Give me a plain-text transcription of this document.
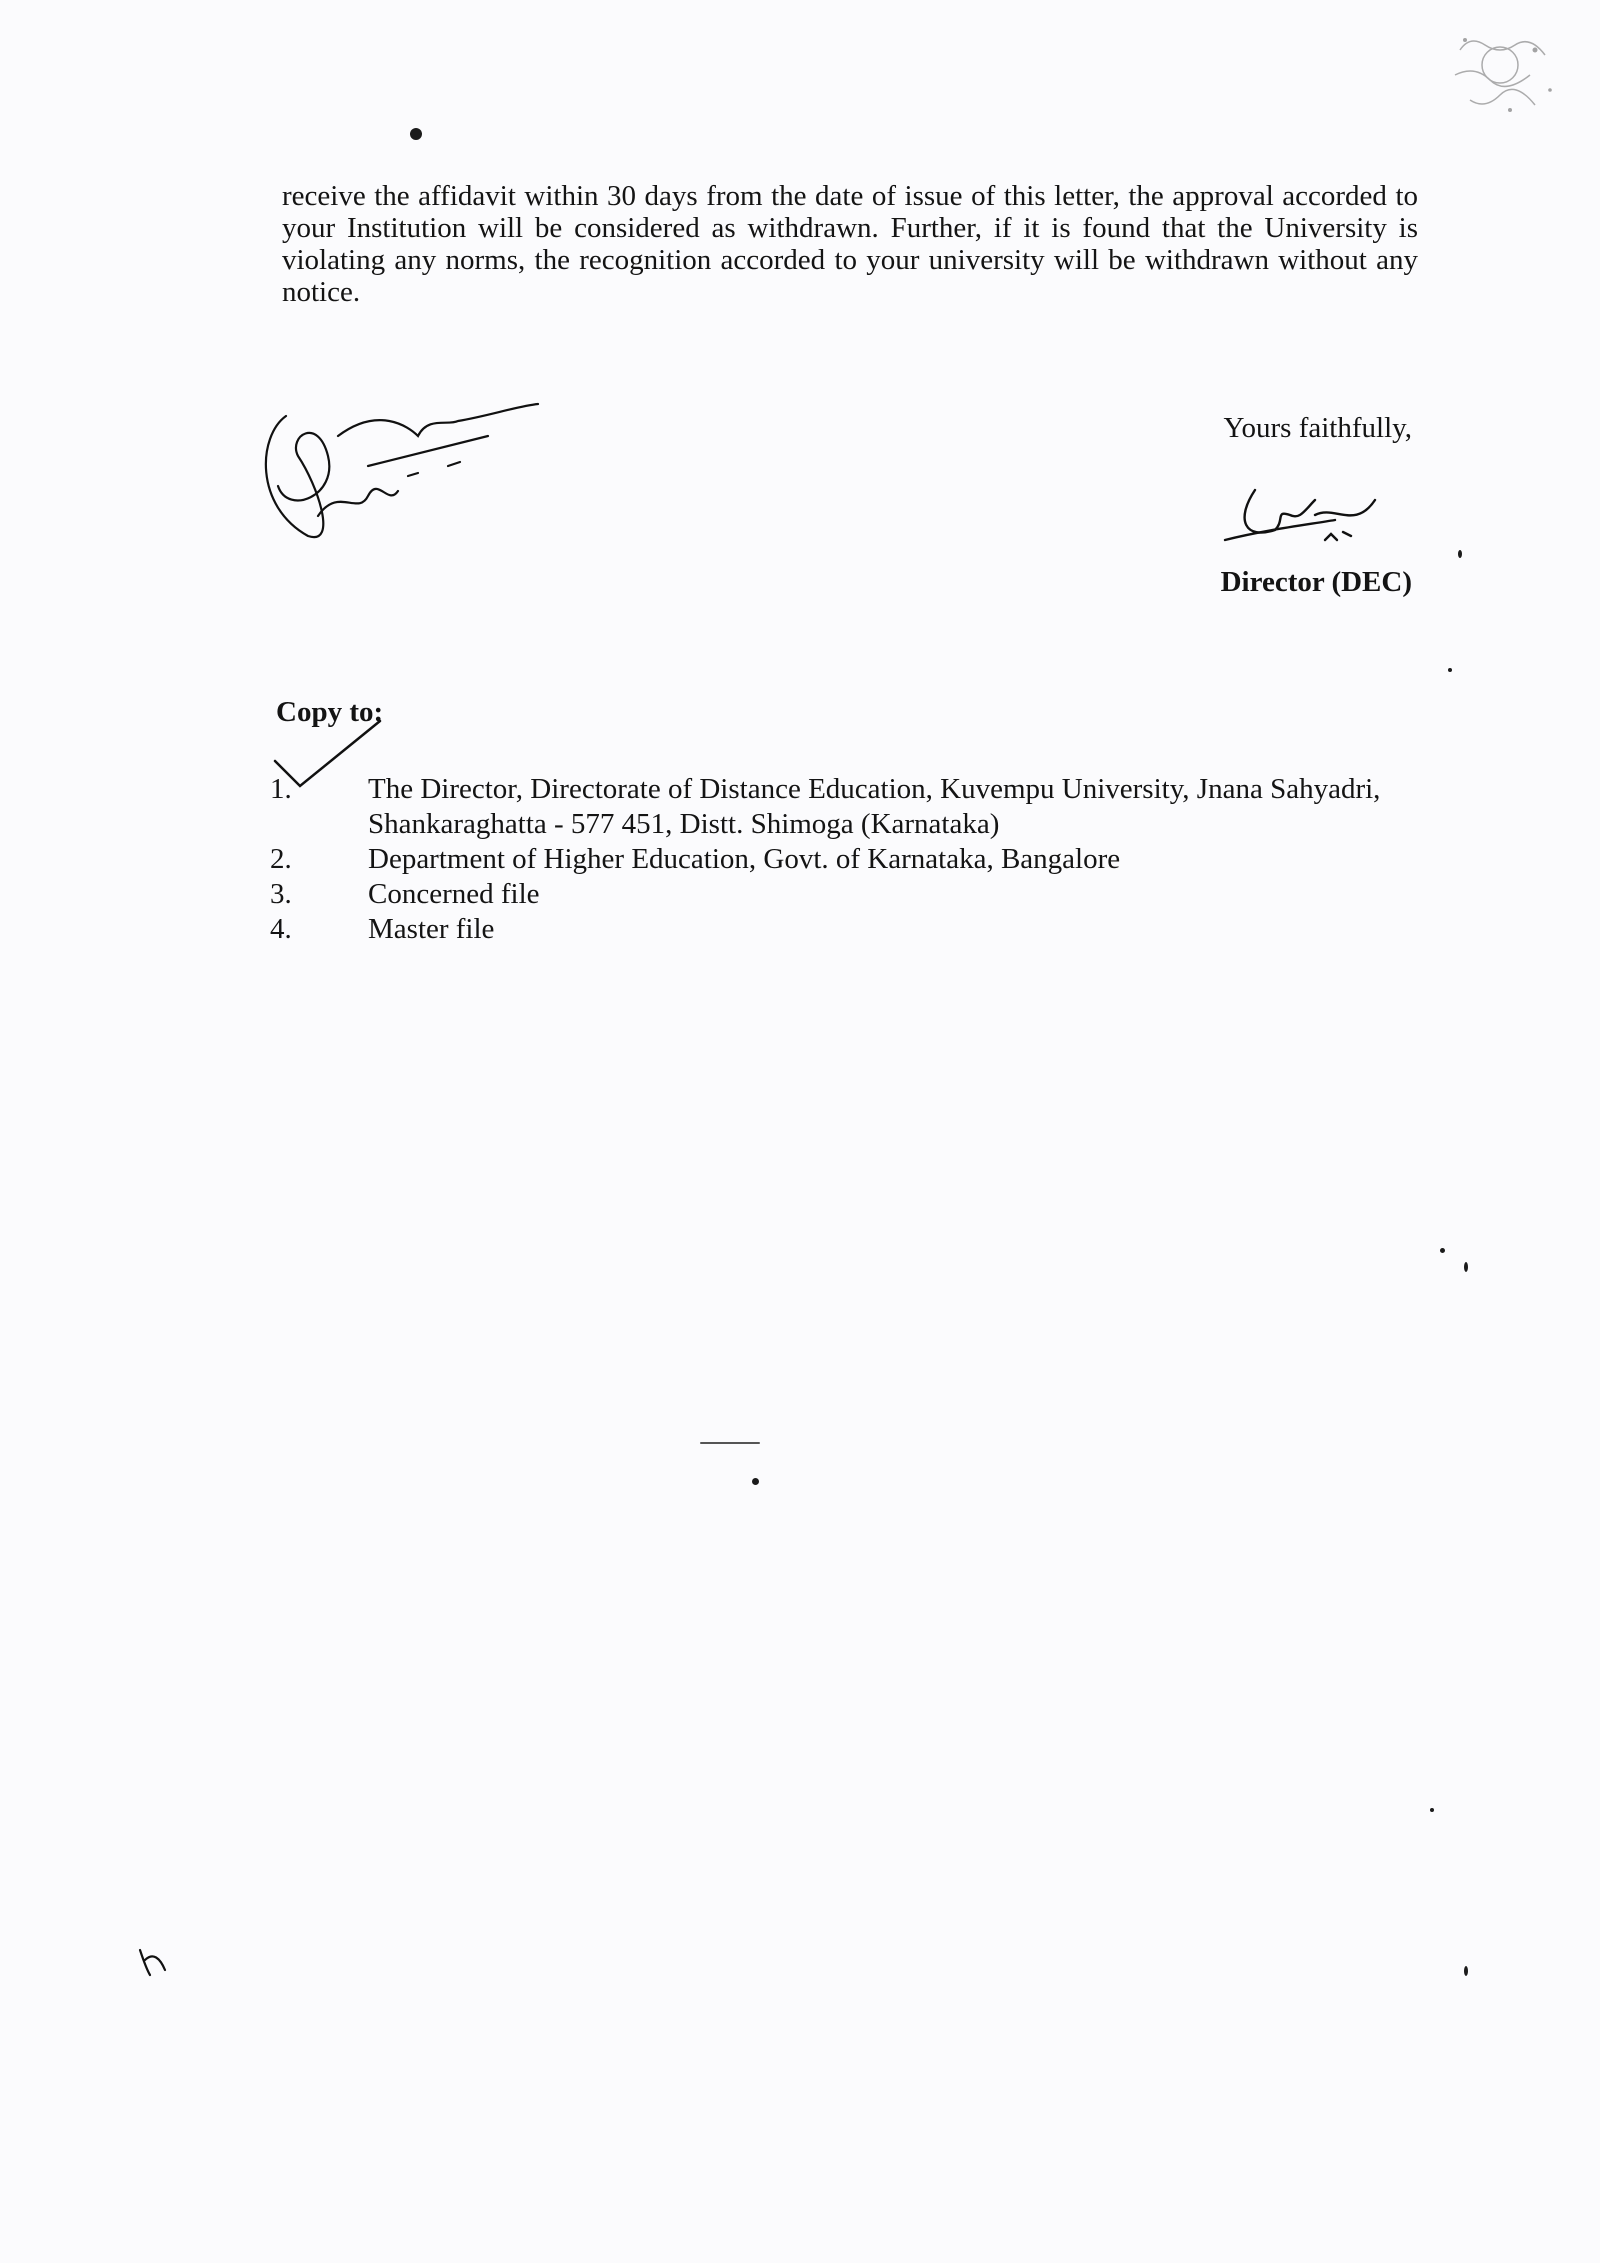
receive the affidavit within 30 days from the date of issue of this letter, the approval accorded to your Institution will be considered as withdrawn. Further, if it is found that the University is violating any norms, the recognition accorded to your university will be withdrawn without any notice.
Yours faithfully,
Director (DEC)
Copy to:
1.	The Director, Directorate of Distance Education, Kuvempu University, Jnana Sahyadri, Shankaraghatta - 577 451, Distt. Shimoga (Karnataka)
2.	Department of Higher Education, Govt. of Karnataka, Bangalore
3.	Concerned file
4.	Master file
